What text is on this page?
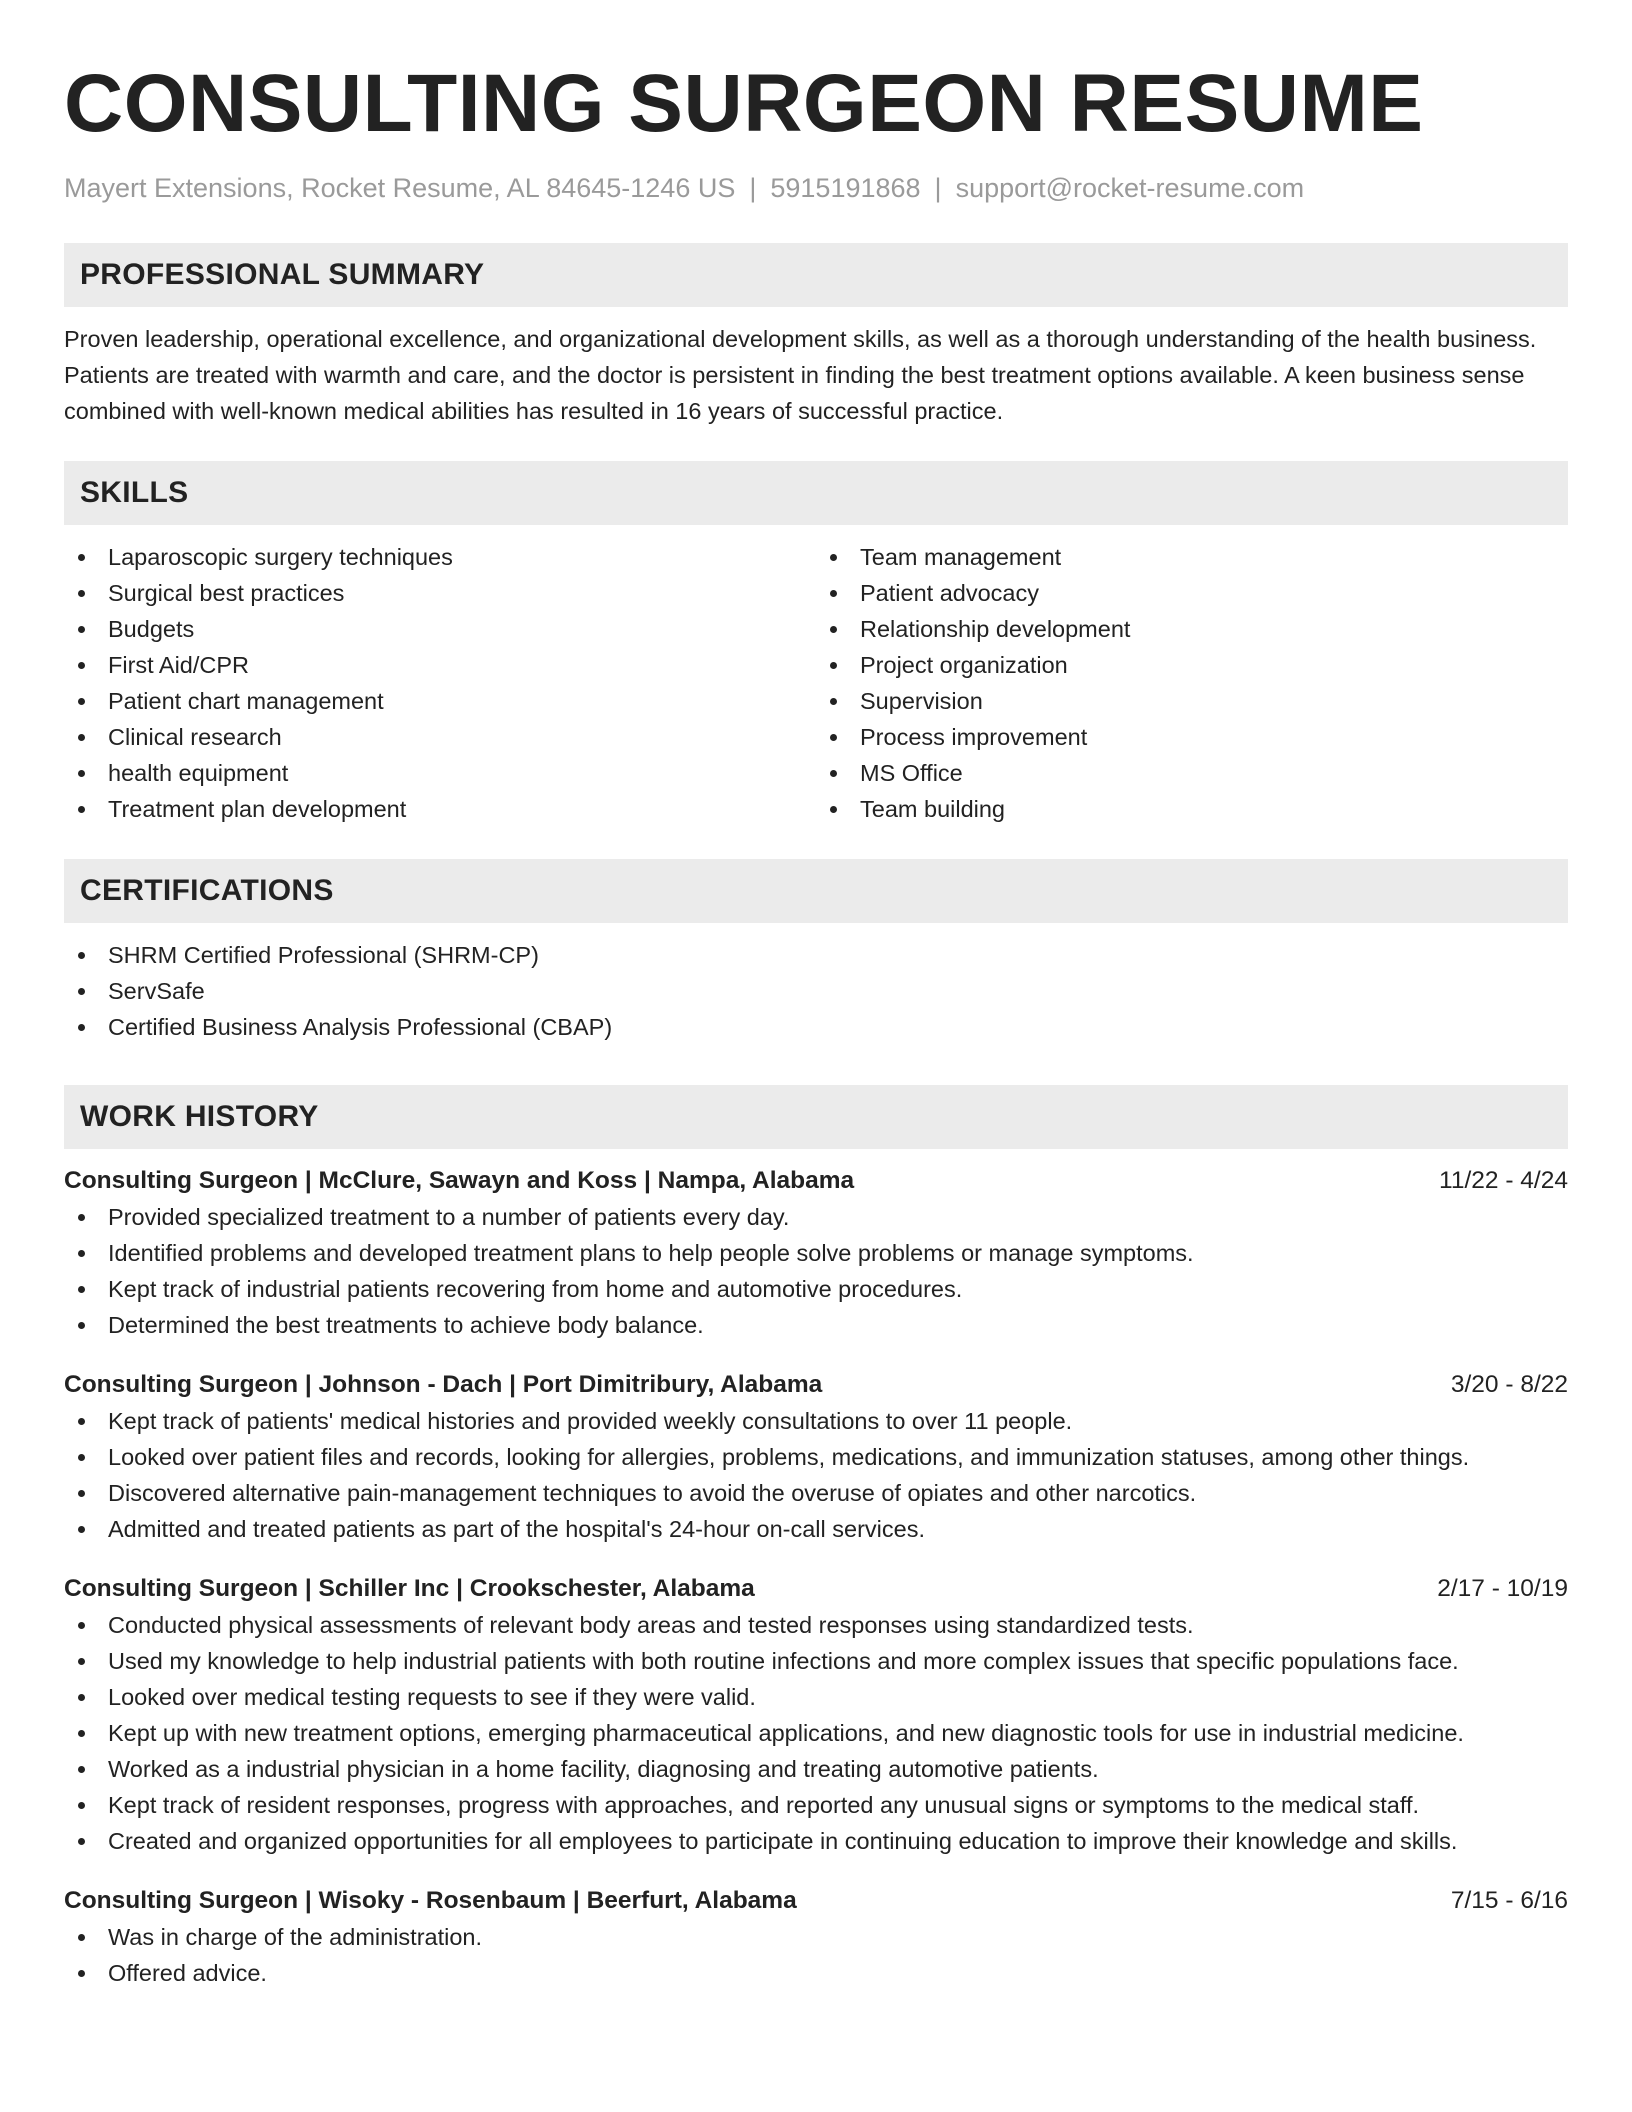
CONSULTING SURGEON RESUME
Mayert Extensions, Rocket Resume, AL 84645-1246 US | 5915191868 | support@rocket-resume.com
PROFESSIONAL SUMMARY

Proven leadership, operational excellence, and organizational development skills, as well as a thorough understanding of the health business. Patients are treated with warmth and care, and the doctor is persistent in finding the best treatment options available. A keen business sense combined with well-known medical abilities has resulted in 16 years of successful practice.

SKILLS
Laparoscopic surgery techniques
Surgical best practices
Budgets
First Aid/CPR
Patient chart management
Clinical research
health equipment
Treatment plan development
Team management
Patient advocacy
Relationship development
Project organization
Supervision
Process improvement
MS Office
Team building
CERTIFICATIONS
SHRM Certified Professional (SHRM-CP)
ServSafe
Certified Business Analysis Professional (CBAP)
WORK HISTORY
Consulting Surgeon | McClure, Sawayn and Koss | Nampa, Alabama	11/22 - 4/24
Provided specialized treatment to a number of patients every day.
Identified problems and developed treatment plans to help people solve problems or manage symptoms.
Kept track of industrial patients recovering from home and automotive procedures.
Determined the best treatments to achieve body balance.
Consulting Surgeon | Johnson - Dach | Port Dimitribury, Alabama	3/20 - 8/22
Kept track of patients' medical histories and provided weekly consultations to over 11 people.
Looked over patient files and records, looking for allergies, problems, medications, and immunization statuses, among other things.
Discovered alternative pain-management techniques to avoid the overuse of opiates and other narcotics.
Admitted and treated patients as part of the hospital's 24-hour on-call services.
Consulting Surgeon | Schiller Inc | Crookschester, Alabama	2/17 - 10/19
Conducted physical assessments of relevant body areas and tested responses using standardized tests.
Used my knowledge to help industrial patients with both routine infections and more complex issues that specific populations face.
Looked over medical testing requests to see if they were valid.
Kept up with new treatment options, emerging pharmaceutical applications, and new diagnostic tools for use in industrial medicine.
Worked as a industrial physician in a home facility, diagnosing and treating automotive patients.
Kept track of resident responses, progress with approaches, and reported any unusual signs or symptoms to the medical staff.
Created and organized opportunities for all employees to participate in continuing education to improve their knowledge and skills.
Consulting Surgeon | Wisoky - Rosenbaum | Beerfurt, Alabama	7/15 - 6/16
Was in charge of the administration.
Offered advice.
